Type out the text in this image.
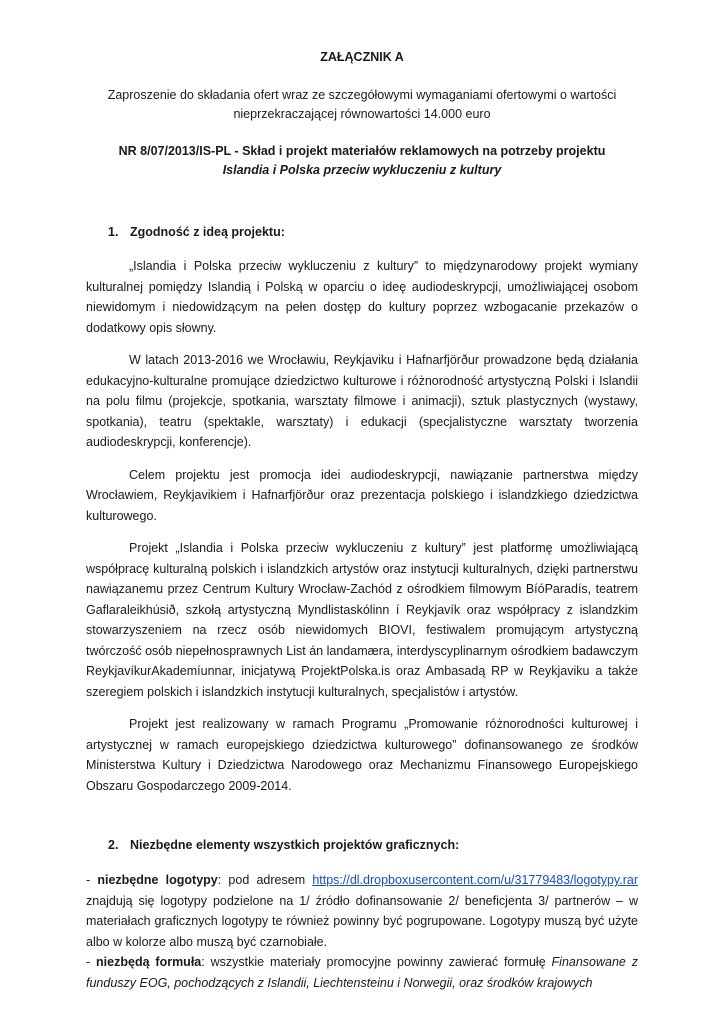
ZAŁĄCZNIK A

Zaproszenie do składania ofert wraz ze szczegółowymi wymaganiami ofertowymi o wartości nieprzekraczającej równowartości 14.000 euro

NR 8/07/2013/IS-PL - Skład i projekt materiałów reklamowych na potrzeby projektu

Islandia i Polska przeciw wykluczeniu z kultury

1. Zgodność z ideą projektu:

„Islandia i Polska przeciw wykluczeniu z kultury” to międzynarodowy projekt wymiany kulturalnej pomiędzy Islandią i Polską w oparciu o ideę audiodeskrypcji, umożliwiającej osobom niewidomym i niedowidzącym na pełen dostęp do kultury poprzez wzbogacanie przekazów o dodatkowy opis słowny.

W latach 2013-2016 we Wrocławiu, Reykjaviku i Hafnarfjörður prowadzone będą działania edukacyjno-kulturalne promujące dziedzictwo kulturowe i różnorodność artystyczną Polski i Islandii na polu filmu (projekcje, spotkania, warsztaty filmowe i animacji), sztuk plastycznych (wystawy, spotkania), teatru (spektakle, warsztaty) i edukacji (specjalistyczne warsztaty tworzenia audiodeskrypcji, konferencje).

Celem projektu jest promocja idei audiodeskrypcji, nawiązanie partnerstwa między Wrocławiem, Reykjavikiem i Hafnarfjörður oraz prezentacja polskiego i islandzkiego dziedzictwa kulturowego.

Projekt „Islandia i Polska przeciw wykluczeniu z kultury” jest platformę umożliwiającą współpracę kulturalną polskich i islandzkich artystów oraz instytucji kulturalnych, dzięki partnerstwu nawiązanemu przez Centrum Kultury Wrocław-Zachód z ośrodkiem filmowym BíóParadís, teatrem Gaflaraleikhúsið, szkołą artystyczną Myndlistaskólinn í Reykjavík oraz współpracy z islandzkim stowarzyszeniem na rzecz osób niewidomych BIOVI, festiwalem promującym artystyczną twórczość osób niepełnosprawnych List án landamæra, interdyscyplinarnym ośrodkiem badawczym ReykjavíkurAkademíunnar, inicjatywą ProjektPolska.is oraz Ambasadą RP w Reykjaviku a także szeregiem polskich i islandzkich instytucji kulturalnych, specjalistów i artystów.

Projekt jest realizowany w ramach Programu „Promowanie różnorodności kulturowej i artystycznej w ramach europejskiego dziedzictwa kulturowego” dofinansowanego ze środków Ministerstwa Kultury i Dziedzictwa Narodowego oraz Mechanizmu Finansowego Europejskiego Obszaru Gospodarczego 2009-2014.

2. Niezbędne elementy wszystkich projektów graficznych:

- niezbędne logotypy: pod adresem https://dl.dropboxusercontent.com/u/31779483/logotypy.rar znajdują się logotypy podzielone na 1/ źródło dofinansowanie 2/ beneficjenta 3/ partnerów – w materiałach graficznych logotypy te również powinny być pogrupowane. Logotypy muszą być użyte albo w kolorze albo muszą być czarnobiałe.

- niezbędą formuła: wszystkie materiały promocyjne powinny zawierać formułę Finansowane z funduszy EOG, pochodzących z Islandii, Liechtensteinu i Norwegii, oraz środków krajowych
